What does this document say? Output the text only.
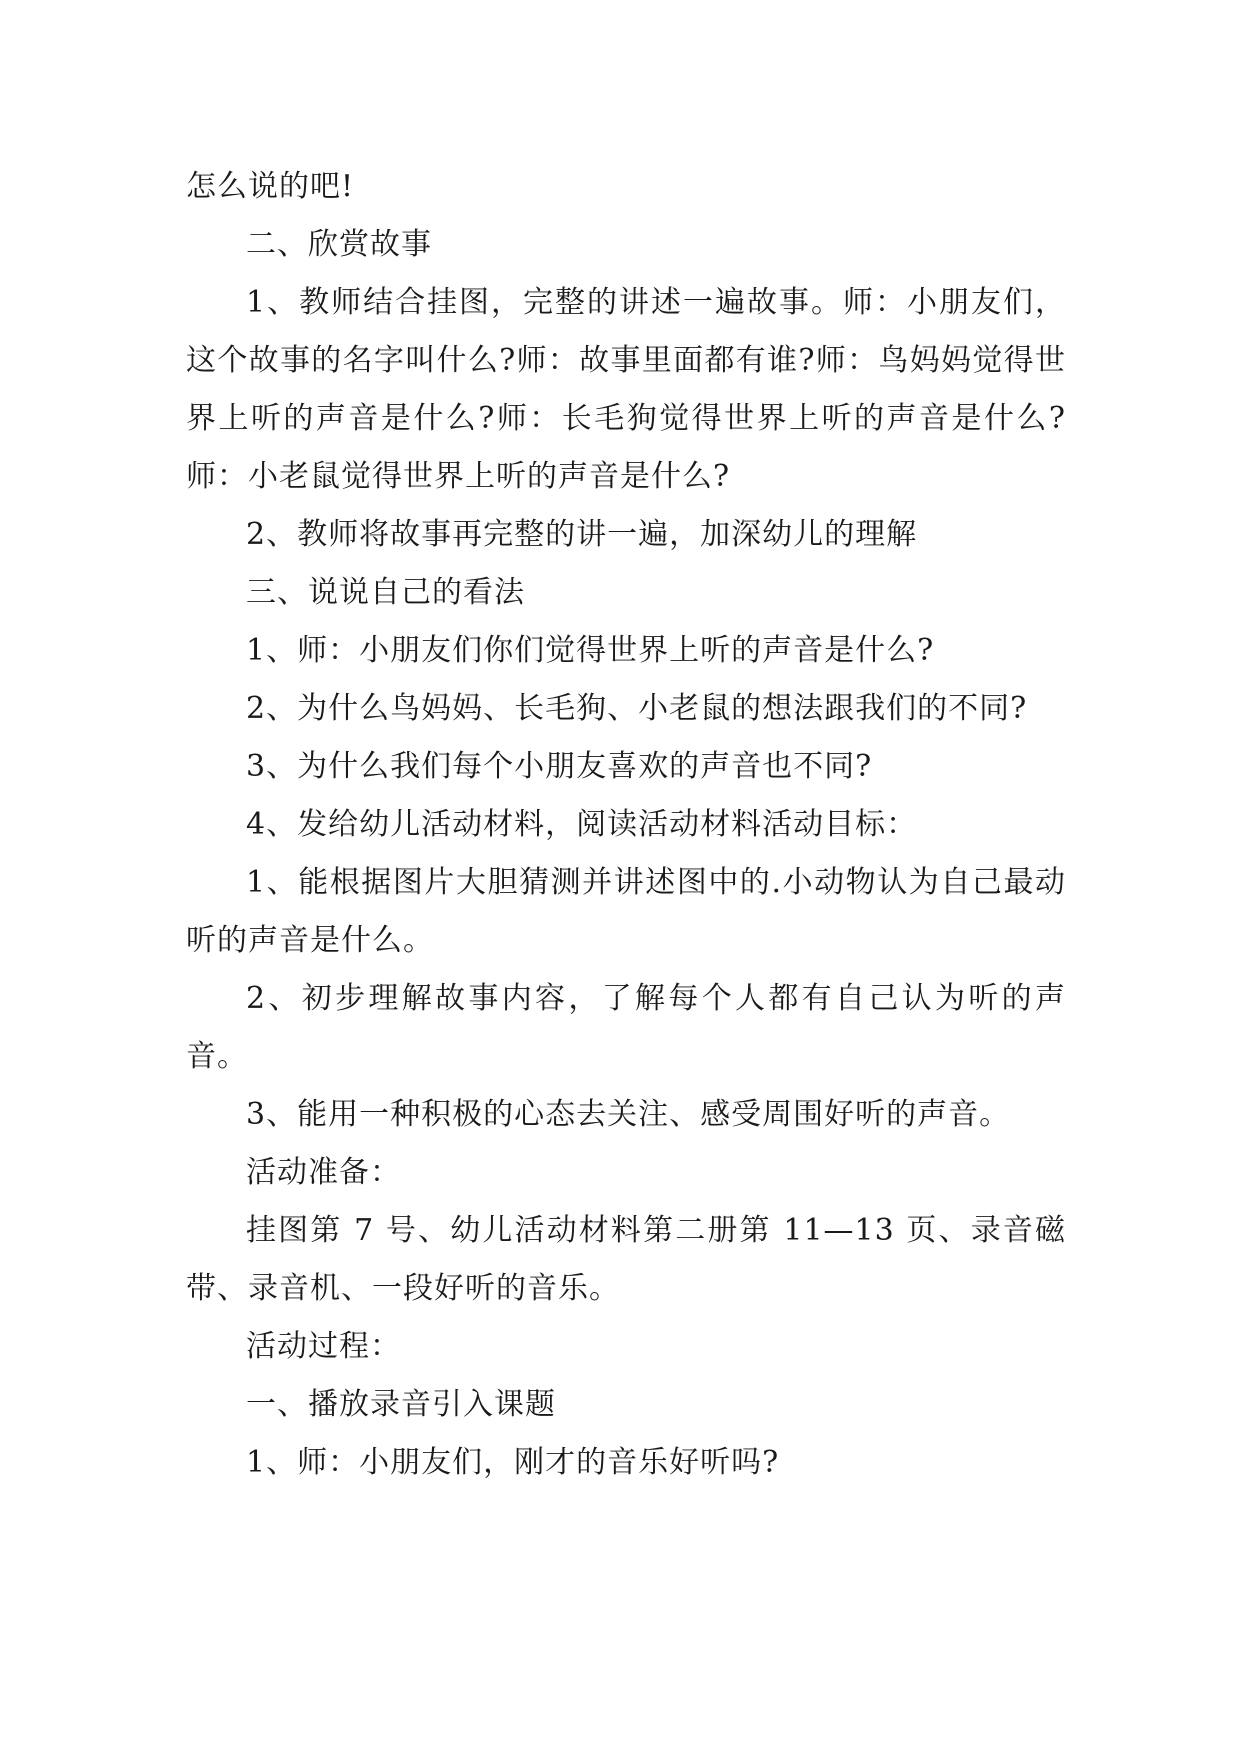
怎么说的吧!

二、欣赏故事

1、教师结合挂图，完整的讲述一遍故事。师：小朋友们，这个故事的名字叫什么?师：故事里面都有谁?师：鸟妈妈觉得世界上听的声音是什么?师：长毛狗觉得世界上听的声音是什么?师：小老鼠觉得世界上听的声音是什么?

2、教师将故事再完整的讲一遍，加深幼儿的理解

三、说说自己的看法

1、师：小朋友们你们觉得世界上听的声音是什么?

2、为什么鸟妈妈、长毛狗、小老鼠的想法跟我们的不同?

3、为什么我们每个小朋友喜欢的声音也不同?

4、发给幼儿活动材料，阅读活动材料活动目标：

1、能根据图片大胆猜测并讲述图中的.小动物认为自己最动听的声音是什么。

2、初步理解故事内容，了解每个人都有自己认为听的声音。

3、能用一种积极的心态去关注、感受周围好听的声音。

活动准备：

挂图第 7 号、幼儿活动材料第二册第 11—13 页、录音磁带、录音机、一段好听的音乐。

活动过程：

一、播放录音引入课题

1、师：小朋友们，刚才的音乐好听吗?
